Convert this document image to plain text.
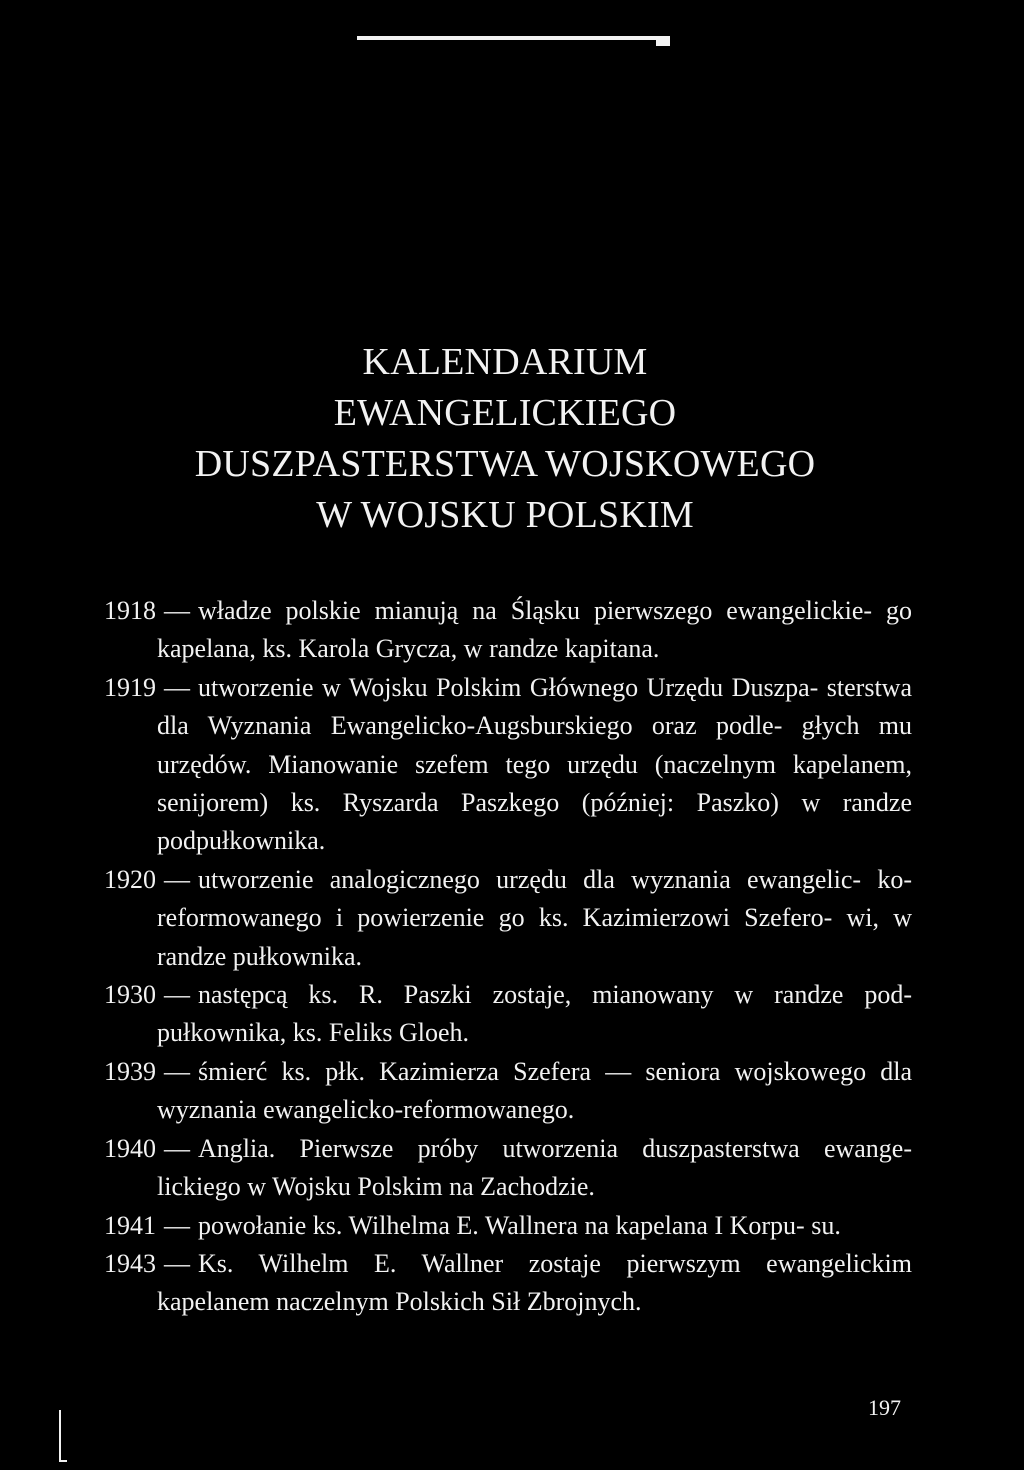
KALENDARIUM
EWANGELICKIEGO
DUSZPASTERSTWA WOJSKOWEGO
W WOJSKU POLSKIM

1918 — władze polskie mianują na Śląsku pierwszego ewangelickie- go kapelana, ks. Karola Grycza, w randze kapitana.

1919 — utworzenie w Wojsku Polskim Głównego Urzędu Duszpa- sterstwa dla Wyznania Ewangelicko-Augsburskiego oraz podle- głych mu urzędów. Mianowanie szefem tego urzędu (naczelnym kapelanem, senijorem) ks. Ryszarda Paszkego (później: Paszko) w randze podpułkownika.

1920 — utworzenie analogicznego urzędu dla wyznania ewangelic- ko-reformowanego i powierzenie go ks. Kazimierzowi Szefero- wi, w randze pułkownika.

1930 — następcą ks. R. Paszki zostaje, mianowany w randze pod- pułkownika, ks. Feliks Gloeh.

1939 — śmierć ks. płk. Kazimierza Szefera — seniora wojskowego dla wyznania ewangelicko-reformowanego.

1940 — Anglia. Pierwsze próby utworzenia duszpasterstwa ewange- lickiego w Wojsku Polskim na Zachodzie.

1941 — powołanie ks. Wilhelma E. Wallnera na kapelana I Korpu- su.

1943 — Ks. Wilhelm E. Wallner zostaje pierwszym ewangelickim kapelanem naczelnym Polskich Sił Zbrojnych.

197
